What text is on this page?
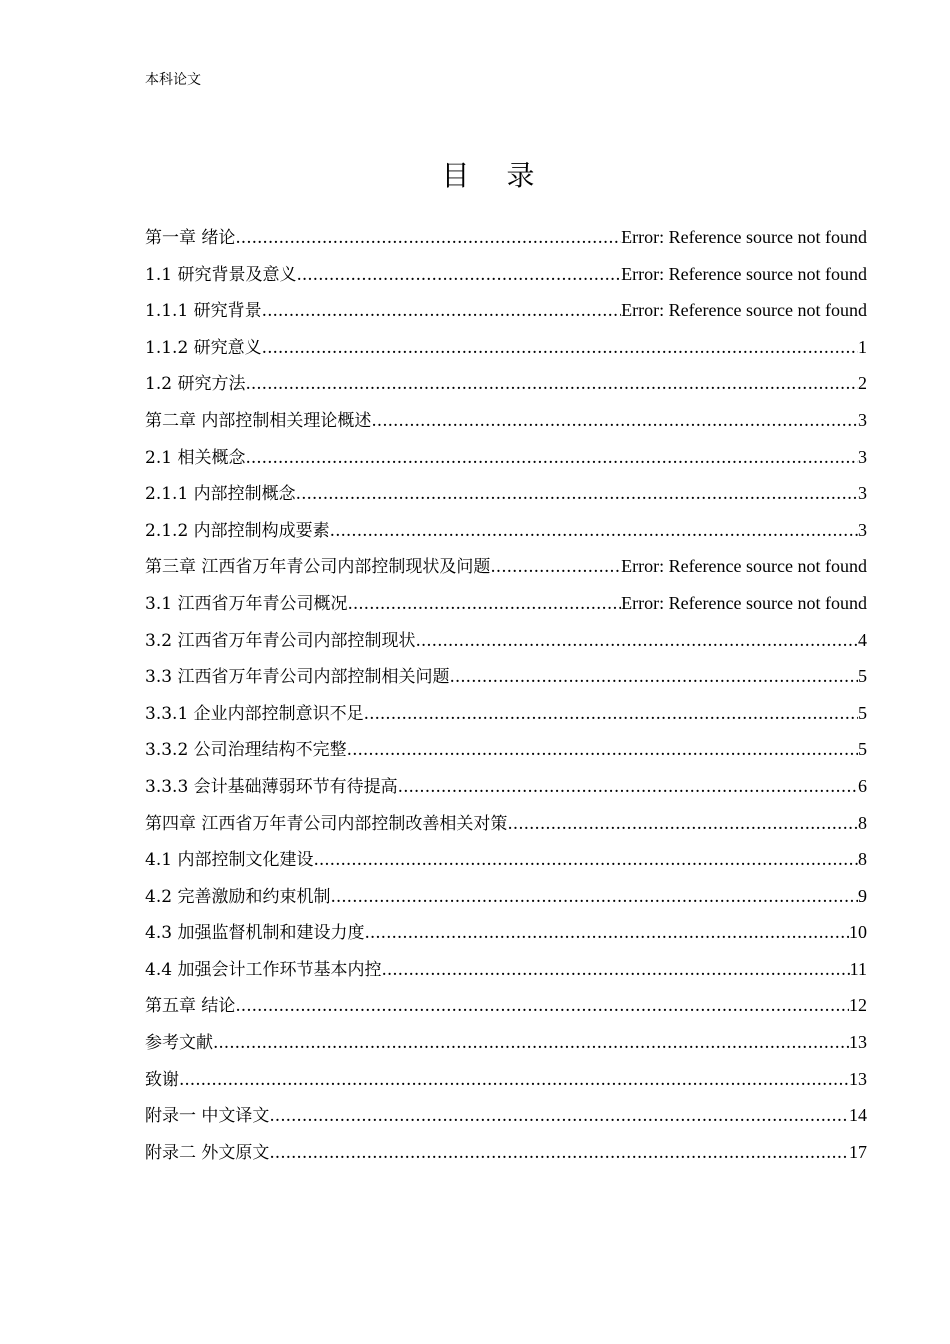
本科论文
目 录
第一章 绪论 .....	Error: Reference source not found
1.1 研究背景及意义 .....	Error: Reference source not found
1.1.1 研究背景 .....	Error: Reference source not found
1.1.2 研究意义 .....	1
1.2 研究方法 .....	2
第二章 内部控制相关理论概述 .....	3
2.1 相关概念 .....	3
2.1.1 内部控制概念 .....	3
2.1.2 内部控制构成要素 .....	3
第三章 江西省万年青公司内部控制现状及问题 .....	Error: Reference source not found
3.1 江西省万年青公司概况 .....	Error: Reference source not found
3.2 江西省万年青公司内部控制现状 .....	4
3.3 江西省万年青公司内部控制相关问题 .....	5
3.3.1 企业内部控制意识不足 .....	5
3.3.2 公司治理结构不完整 .....	5
3.3.3 会计基础薄弱环节有待提高 .....	6
第四章 江西省万年青公司内部控制改善相关对策 .....	8
4.1 内部控制文化建设 .....	8
4.2 完善激励和约束机制 .....	9
4.3 加强监督机制和建设力度 .....	10
4.4 加强会计工作环节基本内控 .....	11
第五章 结论 .....	12
参考文献 .....	13
致谢 .....	13
附录一 中文译文 .....	14
附录二 外文原文 .....	17
